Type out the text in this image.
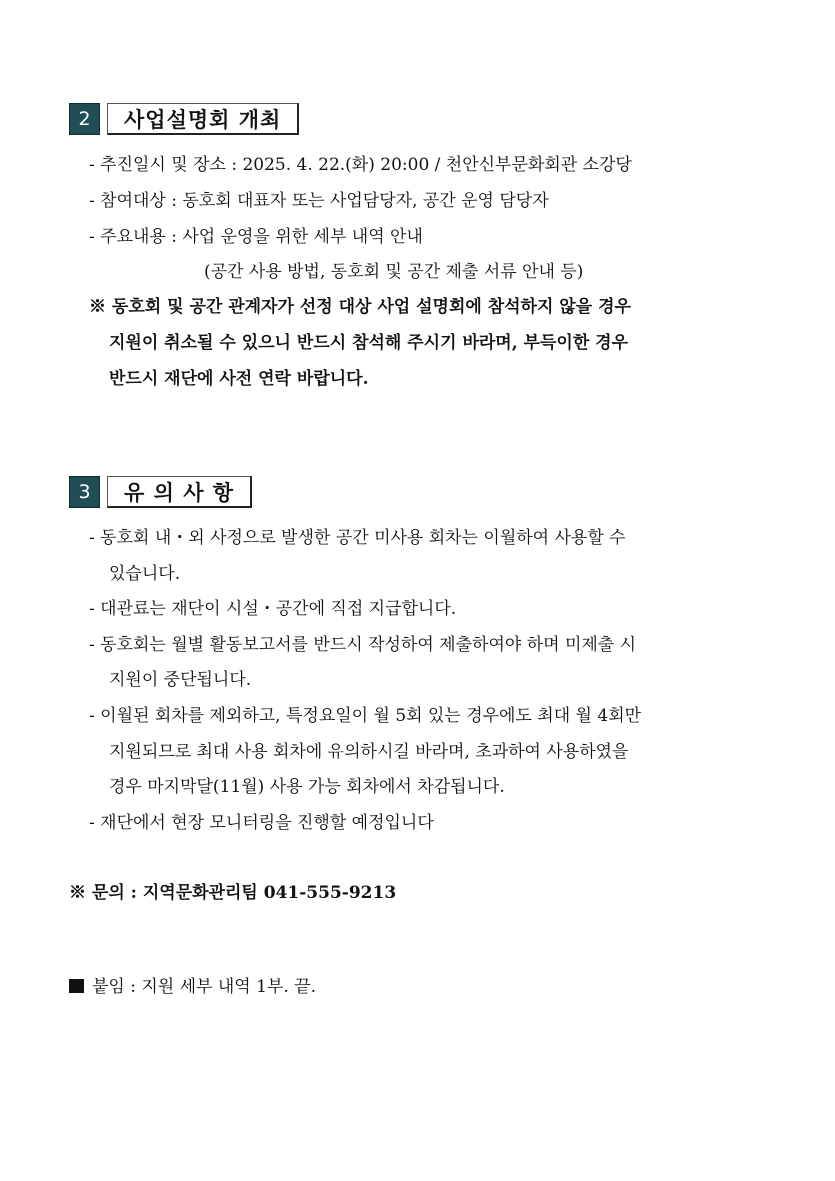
2	사업설명회 개최
- 추진일시 및 장소 : 2025. 4. 22.(화) 20:00 / 천안신부문화회관 소강당
- 참여대상 : 동호회 대표자 또는 사업담당자, 공간 운영 담당자
- 주요내용 : 사업 운영을 위한 세부 내역 안내
(공간 사용 방법, 동호회 및 공간 제출 서류 안내 등)
※ 동호회 및 공간 관계자가 선정 대상 사업 설명회에 참석하지 않을 경우
지원이 취소될 수 있으니 반드시 참석해 주시기 바라며, 부득이한 경우
반드시 재단에 사전 연락 바랍니다.
3	유 의 사 항
- 동호회 내・외 사정으로 발생한 공간 미사용 회차는 이월하여 사용할 수
있습니다.
- 대관료는 재단이 시설・공간에 직접 지급합니다.
- 동호회는 월별 활동보고서를 반드시 작성하여 제출하여야 하며 미제출 시
지원이 중단됩니다.
- 이월된 회차를 제외하고, 특정요일이 월 5회 있는 경우에도 최대 월 4회만
지원되므로 최대 사용 회차에 유의하시길 바라며, 초과하여 사용하였을
경우 마지막달(11월) 사용 가능 회차에서 차감됩니다.
- 재단에서 현장 모니터링을 진행할 예정입니다
※ 문의 : 지역문화관리팀 041-555-9213
붙임 : 지원 세부 내역 1부. 끝.
